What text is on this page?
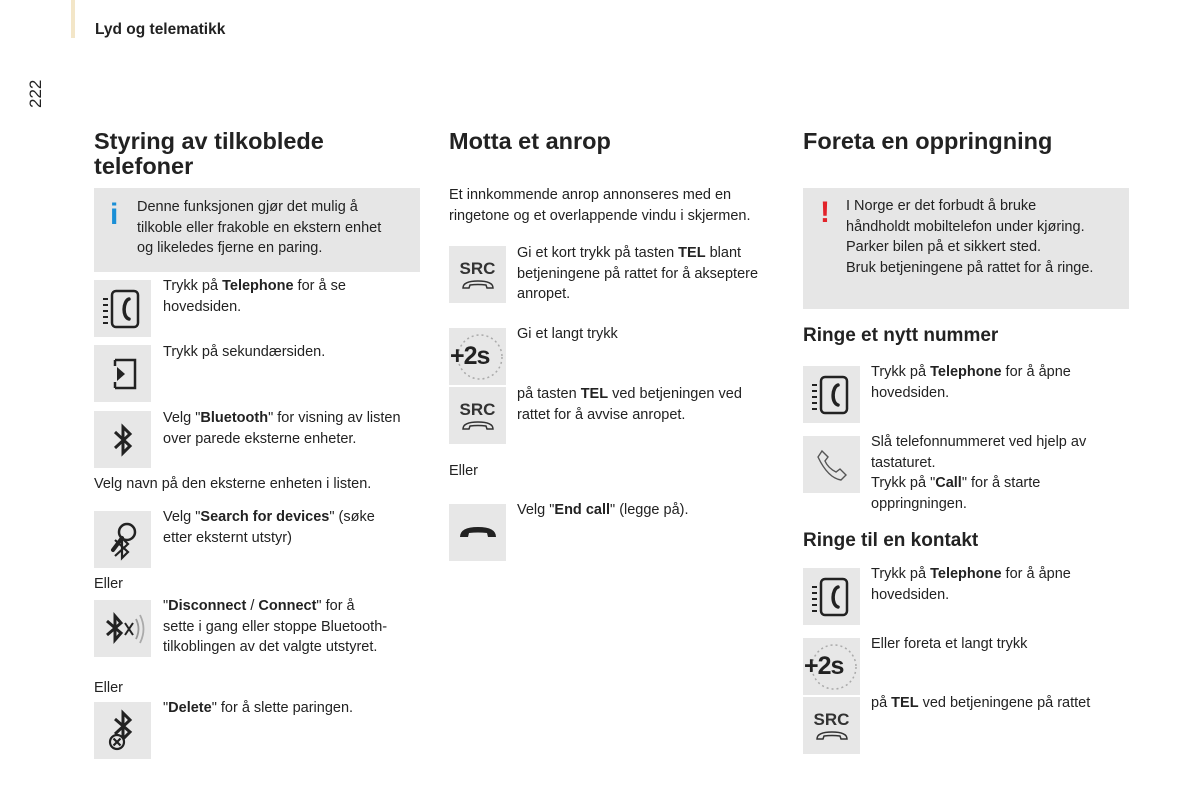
Lyd og telematikk
222
Styring av tilkoblede
telefoner
i Denne funksjonen gjør det mulig å
tilkoble eller frakoble en ekstern enhet
og likeledes fjerne en paring.
Trykk på Telephone for å se
hovedsiden.
Trykk på sekundærsiden.
Velg "Bluetooth" for visning av listen
over parede eksterne enheter.
Velg navn på den eksterne enheten i listen.
Velg "Search for devices" (søke
etter eksternt utstyr)
Eller
"Disconnect / Connect" for å
sette i gang eller stoppe Bluetooth-
tilkoblingen av det valgte utstyret.
Eller
"Delete" for å slette paringen.
Motta et anrop
Et innkommende anrop annonseres med en
ringetone og et overlappende vindu i skjermen.
SRC
Gi et kort trykk på tasten TEL blant
betjeningene på rattet for å akseptere
anropet.
+2s
Gi et langt trykk
SRC
på tasten TEL ved betjeningen ved
rattet for å avvise anropet.
Eller
Velg "End call" (legge på).
Foreta en oppringning
! I Norge er det forbudt å bruke
håndholdt mobiltelefon under kjøring.
Parker bilen på et sikkert sted.
Bruk betjeningene på rattet for å ringe.
Ringe et nytt nummer
Trykk på Telephone for å åpne
hovedsiden.
Slå telefonnummeret ved hjelp av
tastaturet.
Trykk på "Call" for å starte
oppringningen.
Ringe til en kontakt
Trykk på Telephone for å åpne
hovedsiden.
+2s
Eller foreta et langt trykk
SRC
på TEL ved betjeningene på rattet
